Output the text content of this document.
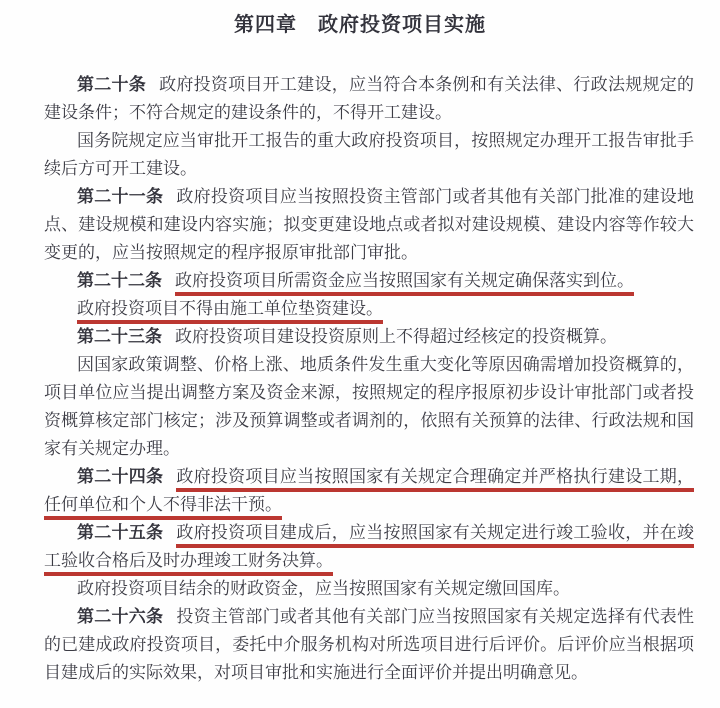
第四章　政府投资项目实施

第二十条 政府投资项目开工建设，应当符合本条例和有关法律、行政法规规定的建设条件；不符合规定的建设条件的，不得开工建设。

国务院规定应当审批开工报告的重大政府投资项目，按照规定办理开工报告审批手续后方可开工建设。

第二十一条 政府投资项目应当按照投资主管部门或者其他有关部门批准的建设地点、建设规模和建设内容实施；拟变更建设地点或者拟对建设规模、建设内容等作较大变更的，应当按照规定的程序报原审批部门审批。

第二十二条 政府投资项目所需资金应当按照国家有关规定确保落实到位。

政府投资项目不得由施工单位垫资建设。

第二十三条 政府投资项目建设投资原则上不得超过经核定的投资概算。

因国家政策调整、价格上涨、地质条件发生重大变化等原因确需增加投资概算的，项目单位应当提出调整方案及资金来源，按照规定的程序报原初步设计审批部门或者投资概算核定部门核定；涉及预算调整或者调剂的，依照有关预算的法律、行政法规和国家有关规定办理。

第二十四条 政府投资项目应当按照国家有关规定合理确定并严格执行建设工期，任何单位和个人不得非法干预。

第二十五条 政府投资项目建成后，应当按照国家有关规定进行竣工验收，并在竣工验收合格后及时办理竣工财务决算。

政府投资项目结余的财政资金，应当按照国家有关规定缴回国库。

第二十六条 投资主管部门或者其他有关部门应当按照国家有关规定选择有代表性的已建成政府投资项目，委托中介服务机构对所选项目进行后评价。后评价应当根据项目建成后的实际效果，对项目审批和实施进行全面评价并提出明确意见。
